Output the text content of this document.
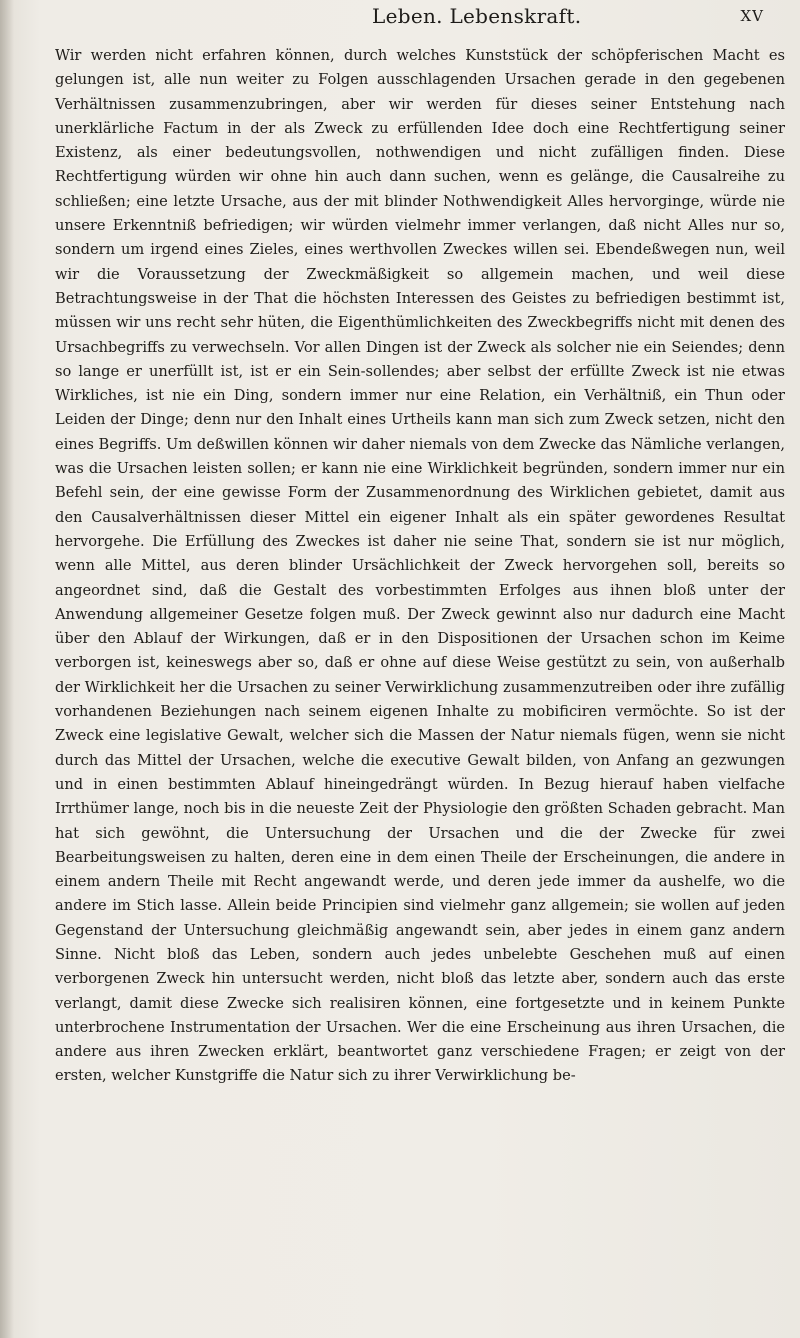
Leben. Lebenskraft.	XV

Wir werden nicht erfahren können, durch welches Kunststück der schöpferischen Macht es gelungen ist, alle nun weiter zu Folgen ausschlagenden Ursachen gerade in den gegebenen Verhältnissen zusammenzubringen, aber wir werden für dieses seiner Entstehung nach unerklärliche Factum in der als Zweck zu erfüllenden Idee doch eine Rechtfertigung seiner Existenz, als einer bedeutungsvollen, nothwendigen und nicht zufälligen finden. Diese Rechtfertigung würden wir ohne hin auch dann suchen, wenn es gelänge, die Causalreihe zu schließen; eine letzte Ursache, aus der mit blinder Nothwendigkeit Alles hervorginge, würde nie unsere Erkenntniß befriedigen; wir würden vielmehr immer verlangen, daß nicht Alles nur so, sondern um irgend eines Zieles, eines werthvollen Zweckes willen sei. Ebendeßwegen nun, weil wir die Voraussetzung der Zweckmäßigkeit so allgemein machen, und weil diese Betrachtungsweise in der That die höchsten Interessen des Geistes zu befriedigen bestimmt ist, müssen wir uns recht sehr hüten, die Eigenthümlichkeiten des Zweckbegriffs nicht mit denen des Ursachbegriffs zu verwechseln. Vor allen Dingen ist der Zweck als solcher nie ein Seiendes; denn so lange er unerfüllt ist, ist er ein Sein-sollendes; aber selbst der erfüllte Zweck ist nie etwas Wirkliches, ist nie ein Ding, sondern immer nur eine Relation, ein Verhältniß, ein Thun oder Leiden der Dinge; denn nur den Inhalt eines Urtheils kann man sich zum Zweck setzen, nicht den eines Begriffs. Um deßwillen können wir daher niemals von dem Zwecke das Nämliche verlangen, was die Ursachen leisten sollen; er kann nie eine Wirklichkeit begründen, sondern immer nur ein Befehl sein, der eine gewisse Form der Zusammenordnung des Wirklichen gebietet, damit aus den Causalverhältnissen dieser Mittel ein eigener Inhalt als ein später gewordenes Resultat hervorgehe. Die Erfüllung des Zweckes ist daher nie seine That, sondern sie ist nur möglich, wenn alle Mittel, aus deren blinder Ursächlichkeit der Zweck hervorgehen soll, bereits so angeordnet sind, daß die Gestalt des vorbestimmten Erfolges aus ihnen bloß unter der Anwendung allgemeiner Gesetze folgen muß. Der Zweck gewinnt also nur dadurch eine Macht über den Ablauf der Wirkungen, daß er in den Dispositionen der Ursachen schon im Keime verborgen ist, keineswegs aber so, daß er ohne auf diese Weise gestützt zu sein, von außerhalb der Wirklichkeit her die Ursachen zu seiner Verwirklichung zusammenzutreiben oder ihre zufällig vorhandenen Beziehungen nach seinem eigenen Inhalte zu mobificiren vermöchte. So ist der Zweck eine legislative Gewalt, welcher sich die Massen der Natur niemals fügen, wenn sie nicht durch das Mittel der Ursachen, welche die executive Gewalt bilden, von Anfang an gezwungen und in einen bestimmten Ablauf hineingedrängt würden. In Bezug hierauf haben vielfache Irrthümer lange, noch bis in die neueste Zeit der Physiologie den größten Schaden gebracht. Man hat sich gewöhnt, die Untersuchung der Ursachen und die der Zwecke für zwei Bearbeitungsweisen zu halten, deren eine in dem einen Theile der Erscheinungen, die andere in einem andern Theile mit Recht angewandt werde, und deren jede immer da aushelfe, wo die andere im Stich lasse. Allein beide Principien sind vielmehr ganz allgemein; sie wollen auf jeden Gegenstand der Untersuchung gleichmäßig angewandt sein, aber jedes in einem ganz andern Sinne. Nicht bloß das Leben, sondern auch jedes unbelebte Geschehen muß auf einen verborgenen Zweck hin untersucht werden, nicht bloß das letzte aber, sondern auch das erste verlangt, damit diese Zwecke sich realisiren können, eine fortgesetzte und in keinem Punkte unterbrochene Instrumentation der Ursachen. Wer die eine Erscheinung aus ihren Ursachen, die andere aus ihren Zwecken erklärt, beantwortet ganz verschiedene Fragen; er zeigt von der ersten, welcher Kunstgriffe die Natur sich zu ihrer Verwirklichung be-
